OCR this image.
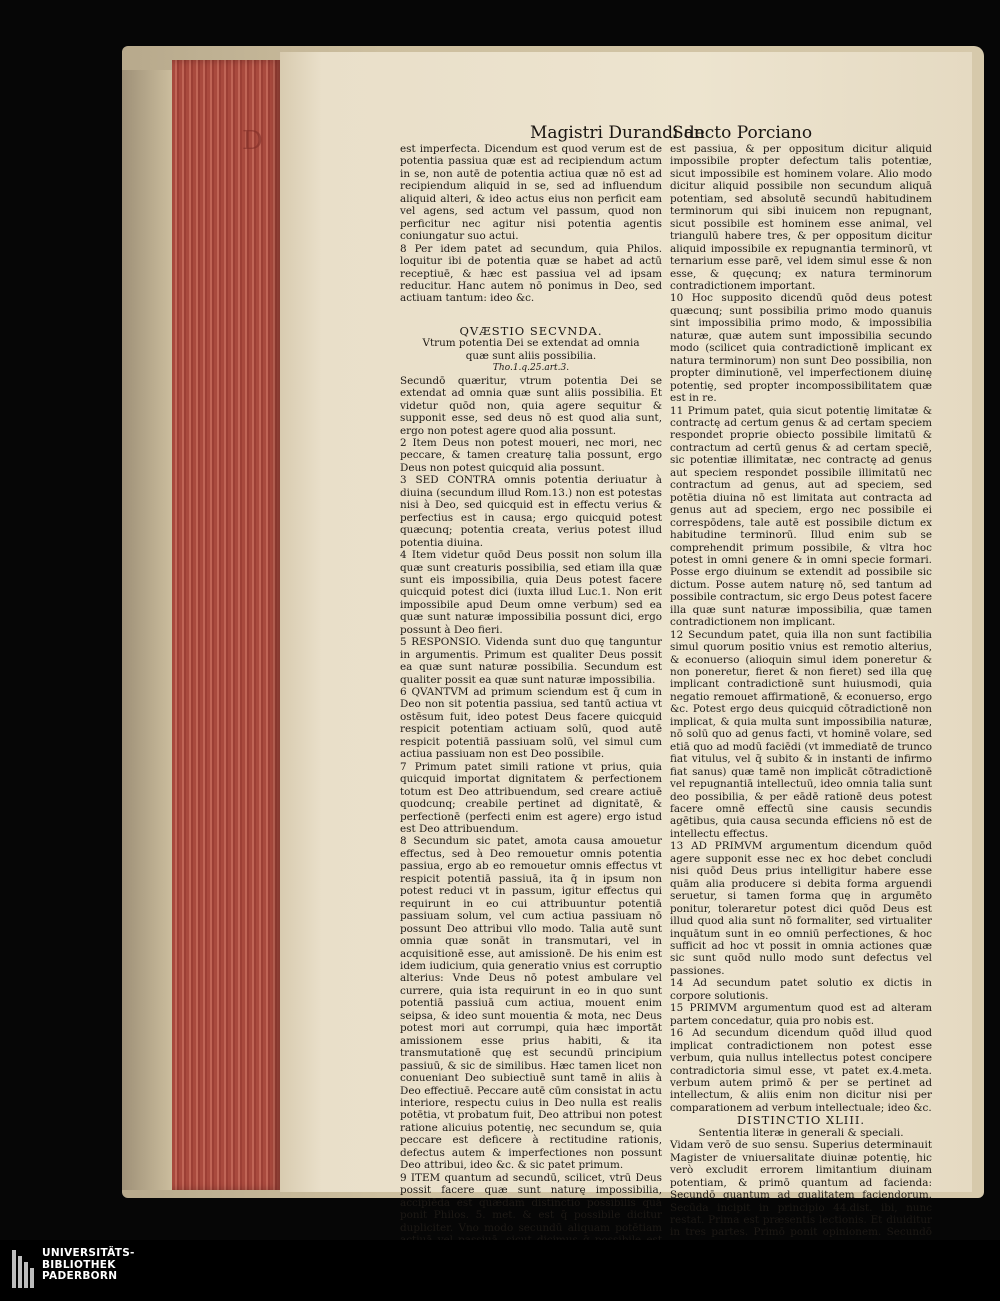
D	Magistri Durandi de
Sancto Porciano

est imperfecta. Dicendum est quod verum est de potentia passiua quæ est ad recipiendum actum in se, non autē de potentia actiua quæ nō est ad recipiendum aliquid in se, sed ad influendum aliquid alteri, & ideo actus eius non perficit eam vel agens, sed actum vel passum, quod non perficitur nec agitur nisi potentia agentis coniungatur suo actui.

8 Per idem patet ad secundum, quia Philos. loquitur ibi de potentia quæ se habet ad actū receptiuē, & hæc est passiua vel ad ipsam reducitur. Hanc autem nō ponimus in Deo, sed actiuam tantum: ideo &c.

QVÆSTIO SECVNDA.

Vtrum potentia Dei se extendat ad omnia quæ sunt aliis possibilia.

Tho.1.q.25.art.3.

Secundō quæritur, vtrum potentia Dei se extendat ad omnia quæ sunt aliis possibilia. Et videtur quōd non, quia agere sequitur & supponit esse, sed deus nō est quod alia sunt, ergo non potest agere quod alia possunt.

2 Item Deus non potest moueri, nec mori, nec peccare, & tamen creaturę talia possunt, ergo Deus non potest quicquid alia possunt.

3 SED CONTRA omnis potentia deriuatur à diuina (secundum illud Rom.13.) non est potestas nisi à Deo, sed quicquid est in effectu verius & perfectius est in causa; ergo quicquid potest quæcunq; potentia creata, verius potest illud potentia diuina.

4 Item videtur quōd Deus possit non solum illa quæ sunt creaturis possibilia, sed etiam illa quæ sunt eis impossibilia, quia Deus potest facere quicquid potest dici (iuxta illud Luc.1. Non erit impossibile apud Deum omne verbum) sed ea quæ sunt naturæ impossibilia possunt dici, ergo possunt à Deo fieri.

5 RESPONSIO. Videnda sunt duo quę tanguntur in argumentis. Primum est qualiter Deus possit ea quæ sunt naturæ possibilia. Secundum est qualiter possit ea quæ sunt naturæ impossibilia.

6 QVANTVM ad primum sciendum est q̄ cum in Deo non sit potentia passiua, sed tantū actiua vt ostēsum fuit, ideo potest Deus facere quicquid respicit potentiam actiuam solū, quod autē respicit potentiā passiuam solū, vel simul cum actiua passiuam non est Deo possibile.

7 Primum patet simili ratione vt prius, quia quicquid importat dignitatem & perfectionem totum est Deo attribuendum, sed creare actiuē quodcunq; creabile pertinet ad dignitatē, & perfectionē (perfecti enim est agere) ergo istud est Deo attribuendum.

8 Secundum sic patet, amota causa amouetur effectus, sed à Deo remouetur omnis potentia passiua, ergo ab eo remouetur omnis effectus vt respicit potentiā passiuā, ita q̄ in ipsum non potest reduci vt in passum, igitur effectus qui requirunt in eo cui attribuuntur potentiā passiuam solum, vel cum actiua passiuam nō possunt Deo attribui vllo modo. Talia autē sunt omnia quæ sonāt in transmutari, vel in acquisitionē esse, aut amissionē. De his enim est idem iudicium, quia generatio vnius est corruptio alterius: Vnde Deus nō potest ambulare vel currere, quia ista requirunt in eo in quo sunt potentiā passiuā cum actiua, mouent enim seipsa, & ideo sunt mouentia & mota, nec Deus potest mori aut corrumpi, quia hæc importāt amissionem esse prius habiti, & ita transmutationē quę est secundū principium passiuū, & sic de similibus. Hæc tamen licet non conueniant Deo subiectiuē sunt tamē in aliis à Deo effectiuē. Peccare autē cūm consistat in actu interiore, respectu cuius in Deo nulla est realis potētia, vt probatum fuit, Deo attribui non potest ratione alicuius potentię, nec secundum se, quia peccare est deficere à rectitudine rationis, defectus autem & imperfectiones non possunt Deo attribui, ideo &c. & sic patet primum.

9 ITEM quantum ad secundū, scilicet, vtrū Deus possit facere quæ sunt naturę impossibilia, accipiēda est quædam distinctio possibilis quā ponit Philos. 5. met. & est q̄ possibile dicitur dupliciter. Vno modo secundū aliquam potētiam

est passiua, & per oppositum dicitur aliquid impossibile propter defectum talis potentiæ, sicut impossibile est hominem volare. Alio modo dicitur aliquid possibile non secundum aliquā potentiam, sed absolutē secundū habitudinem terminorum qui sibi inuicem non repugnant, sicut possibile est hominem esse animal, vel triangulū habere tres, & per oppositum dicitur aliquid impossibile ex repugnantia terminorū, vt ternarium esse parē, vel idem simul esse & non esse, & quęcunq; ex natura terminorum contradictionem important.

10 Hoc supposito dicendū quōd deus potest quæcunq; sunt possibilia primo modo quanuis sint impossibilia primo modo, & impossibilia naturæ, quæ autem sunt impossibilia secundo modo (scilicet quia contradictionē implicant ex natura terminorum) non sunt Deo possibilia, non propter diminutionē, vel imperfectionem diuinę potentię, sed propter incompossibilitatem quæ est in re.

11 Primum patet, quia sicut potentię limitatæ & contractę ad certum genus & ad certam speciem respondet proprie obiecto possibile limitatū & contractum ad certū genus & ad certam speciē, sic potentiæ illimitatæ, nec contractę ad genus aut speciem respondet possibile illimitatū nec contractum ad genus, aut ad speciem, sed potētia diuina nō est limitata aut contracta ad genus aut ad speciem, ergo nec possibile ei correspōdens, tale autē est possibile dictum ex habitudine terminorū. Illud enim sub se comprehendit primum possibile, & vltra hoc potest in omni genere & in omni specie formari. Posse ergo diuinum se extendit ad possibile sic dictum. Posse autem naturę nō, sed tantum ad possibile contractum, sic ergo Deus potest facere illa quæ sunt naturæ impossibilia, quæ tamen contradictionem non implicant.

12 Secundum patet, quia illa non sunt factibilia simul quorum positio vnius est remotio alterius, & econuerso (alioquin simul idem poneretur & non poneretur, fieret & non fieret) sed illa quę implicant contradictionē sunt huiusmodi, quia negatio remouet affirmationē, & econuerso, ergo &c. Potest ergo deus quicquid cōtradictionē non implicat, & quia multa sunt impossibilia naturæ, nō solū quo ad genus facti, vt hominē volare, sed etiā quo ad modū faciēdi (vt immediatē de trunco fiat vitulus, vel q̄ subito & in instanti de infirmo fiat sanus) quæ tamē non implicāt cōtradictionē vel repugnantiā intellectuū, ideo omnia talia sunt deo possibilia, & per eādē rationē deus potest facere omnē effectū sine causis secundis agētibus, quia causa secunda efficiens nō est de intellectu effectus.

13 AD PRIMVM argumentum dicendum quōd agere supponit esse nec ex hoc debet concludi nisi quōd Deus prius intelligitur habere esse quām alia producere si debita forma arguendi seruetur, si tamen forma quę in argumēto ponitur, toleraretur potest dici quōd Deus est illud quod alia sunt nō formaliter, sed virtualiter inquātum sunt in eo omniū perfectiones, & hoc sufficit ad hoc vt possit in omnia actiones quæ sic sunt quōd nullo modo sunt defectus vel passiones.

14 Ad secundum patet solutio ex dictis in corpore solutionis.

15 PRIMVM argumentum quod est ad alteram partem concedatur, quia pro nobis est.

16 Ad secundum dicendum quōd illud quod implicat contradictionem non potest esse verbum, quia nullus intellectus potest concipere contradictoria simul esse, vt patet ex.4.meta. verbum autem primō & per se pertinet ad intellectum, & aliis enim non dicitur nisi per comparationem ad verbum intellectuale; ideo &c.

DISTINCTIO XLIII.

Sententia literæ in generali & speciali.

Vidam verō de suo sensu. Superius determinauit Magister de vniuersalitate diuinæ potentię, hic verò excludit errorem limitantium diuinam potentiam, & primō quantum ad facienda: Secundō quantum ad qualitatem faciendorum. Secūda incipit in principio 44.dist. ibi, nunc restat. Prima est præsentis lectionis. Et diuiditur in tres partes. Primō ponit opinionem. Secundō

UNIVERSITÄTS-
BIBLIOTHEK
PADERBORN
